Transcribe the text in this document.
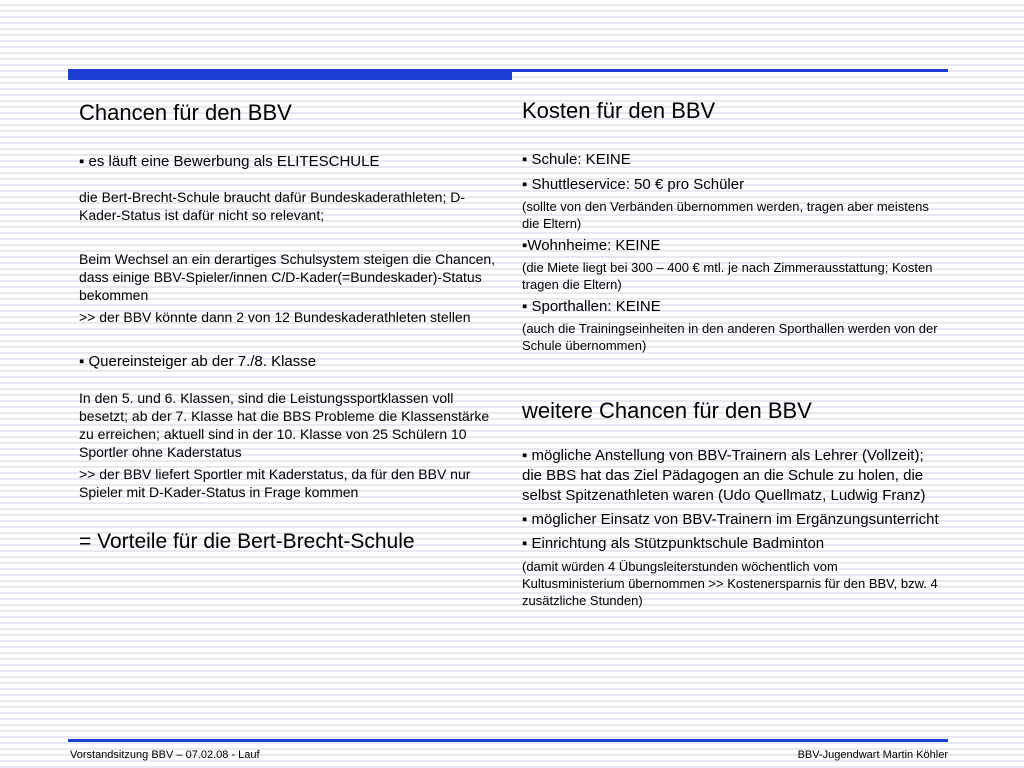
Chancen für den BBV

▪ es läuft eine Bewerbung als ELITESCHULE

die Bert-Brecht-Schule braucht dafür Bundeskaderathleten; D-Kader-Status ist dafür nicht so relevant;

Beim Wechsel an ein derartiges Schulsystem steigen die Chancen, dass einige BBV-Spieler/innen C/D-Kader(=Bundeskader)-Status bekommen

>> der BBV könnte dann 2 von 12 Bundeskaderathleten stellen

▪ Quereinsteiger ab der 7./8. Klasse

In den 5. und 6. Klassen, sind die Leistungssportklassen voll besetzt; ab der 7. Klasse hat die BBS Probleme die Klassenstärke zu erreichen; aktuell sind in der 10. Klasse von 25 Schülern 10 Sportler ohne Kaderstatus

>> der BBV liefert Sportler mit Kaderstatus, da für den BBV nur Spieler mit D-Kader-Status in Frage kommen

= Vorteile für die Bert-Brecht-Schule

Kosten für den BBV

▪ Schule: KEINE

▪ Shuttleservice: 50 € pro Schüler

(sollte von den Verbänden übernommen werden, tragen aber meistens die Eltern)

▪Wohnheime: KEINE

(die Miete liegt bei 300 – 400 € mtl. je nach Zimmerausstattung; Kosten tragen die Eltern)

▪ Sporthallen: KEINE

(auch die Trainingseinheiten in den anderen Sporthallen werden von der Schule übernommen)

weitere Chancen für den BBV

▪ mögliche Anstellung von BBV-Trainern als Lehrer (Vollzeit); die BBS hat das Ziel Pädagogen an die Schule zu holen, die selbst Spitzenathleten waren (Udo Quellmatz, Ludwig Franz)

▪ möglicher Einsatz von BBV-Trainern im Ergänzungsunterricht

▪ Einrichtung als Stützpunktschule Badminton

(damit würden 4 Übungsleiterstunden wöchentlich vom Kultusministerium übernommen >> Kostenersparnis für den BBV, bzw. 4 zusätzliche Stunden)

Vorstandsitzung BBV – 07.02.08 - Lauf	BBV-Jugendwart Martin Köhler
